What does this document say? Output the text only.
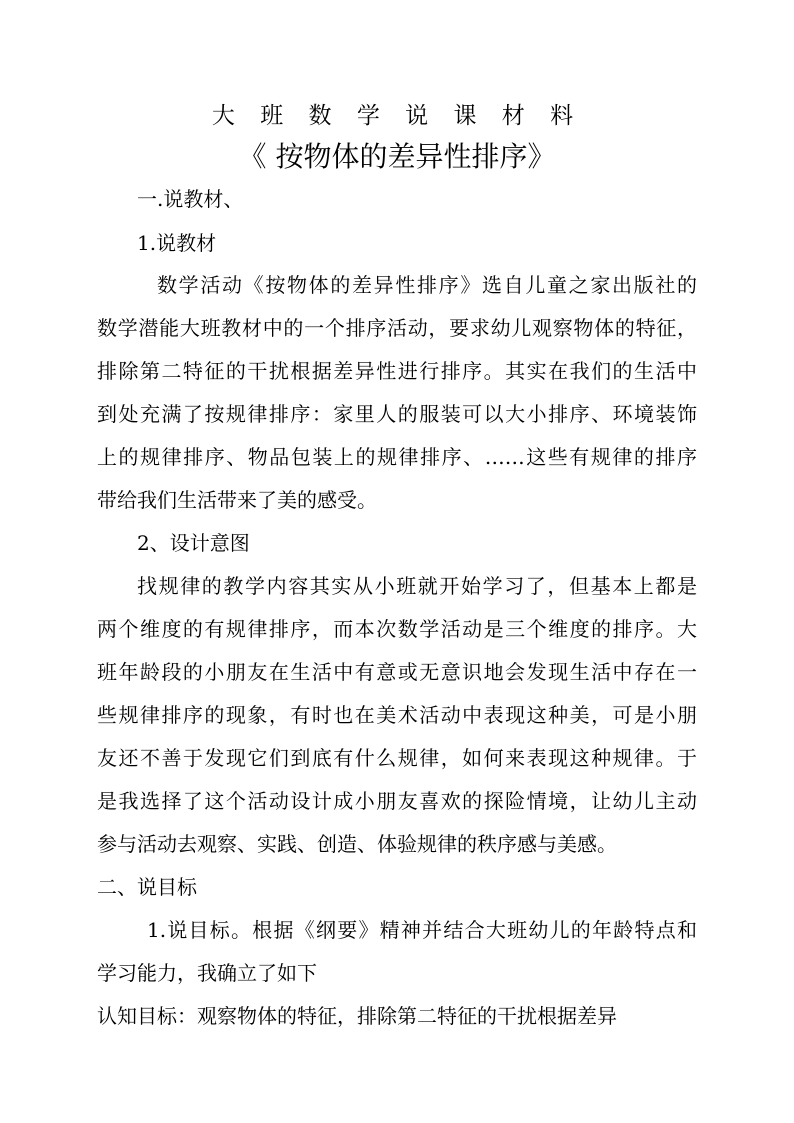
大 班 数 学 说 课 材 料
《 按物体的差异性排序》
一.说教材、
1.说教材
数学活动《按物体的差异性排序》选自儿童之家出版社的
数学潜能大班教材中的一个排序活动，要求幼儿观察物体的特征，
排除第二特征的干扰根据差异性进行排序。其实在我们的生活中
到处充满了按规律排序：家里人的服装可以大小排序、环境装饰
上的规律排序、物品包装上的规律排序、……这些有规律的排序
带给我们生活带来了美的感受。
2、设计意图
找规律的教学内容其实从小班就开始学习了，但基本上都是
两个维度的有规律排序，而本次数学活动是三个维度的排序。大
班年龄段的小朋友在生活中有意或无意识地会发现生活中存在一
些规律排序的现象，有时也在美术活动中表现这种美，可是小朋
友还不善于发现它们到底有什么规律，如何来表现这种规律。于
是我选择了这个活动设计成小朋友喜欢的探险情境，让幼儿主动
参与活动去观察、实践、创造、体验规律的秩序感与美感。
二、说目标
1.说目标。根据《纲要》精神并结合大班幼儿的年龄特点和
学习能力，我确立了如下
认知目标：观察物体的特征，排除第二特征的干扰根据差异
